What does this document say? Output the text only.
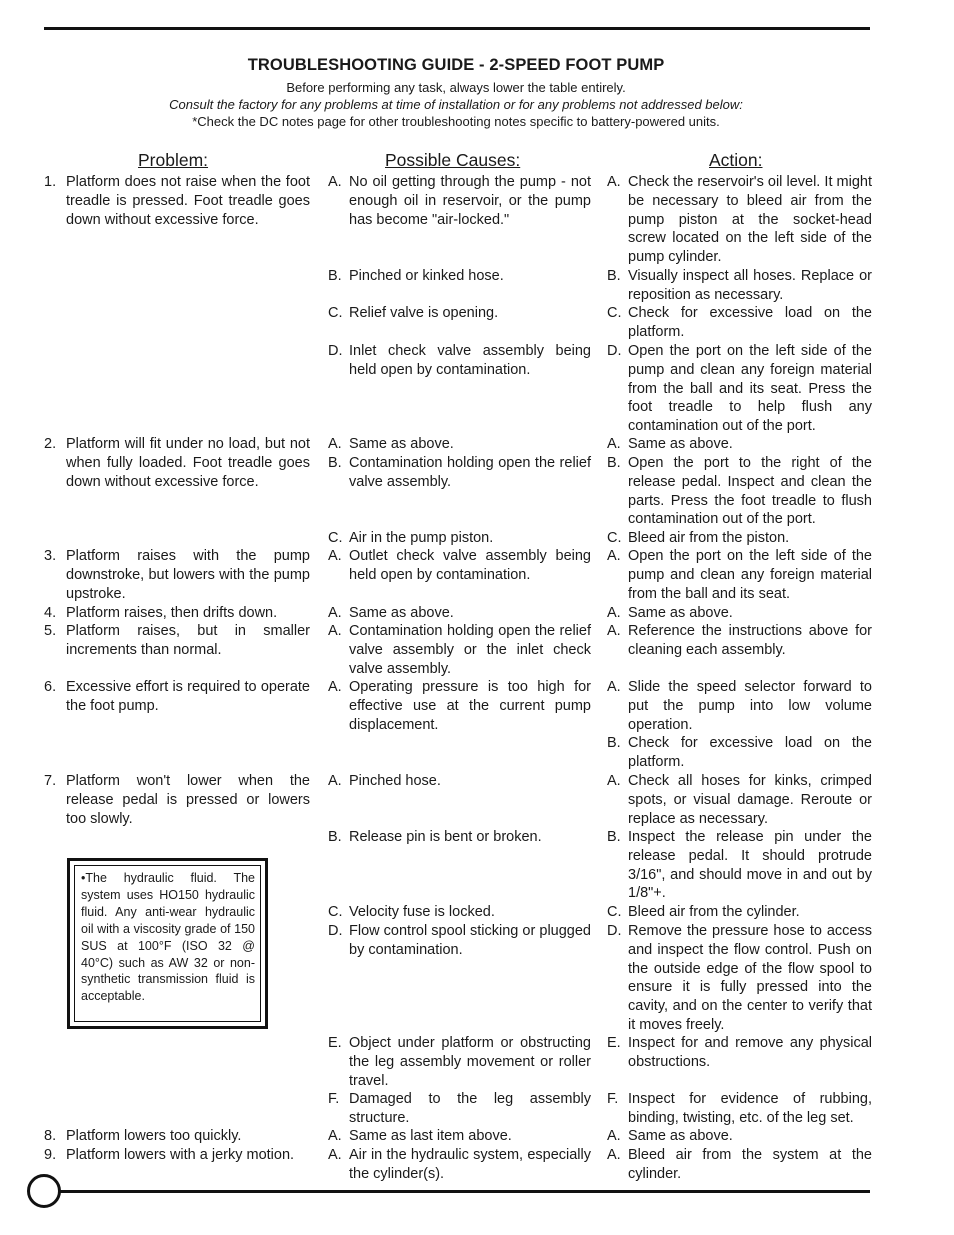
TROUBLESHOOTING GUIDE - 2-SPEED FOOT PUMP
Before performing any task, always lower the table entirely.
Consult the factory for any problems at time of installation or for any problems not addressed below:
*Check the DC notes page for other troubleshooting notes specific to battery-powered units.
Problem:	Possible Causes:	Action:
1. Platform does not raise when the foot treadle is pressed. Foot treadle goes down without excessive force.
2. Platform will fit under no load, but not when fully loaded. Foot treadle goes down without excessive force.
3. Platform raises with the pump downstroke, but lowers with the pump upstroke.
4. Platform raises, then drifts down.
5. Platform raises, but in smaller increments than normal.
6. Excessive effort is required to operate the foot pump.
7. Platform won't lower when the release pedal is pressed or lowers too slowly.
8. Platform lowers too quickly.
9. Platform lowers with a jerky motion.
A. No oil getting through the pump - not enough oil in reservoir, or the pump has become "air-locked."
B. Pinched or kinked hose.
C. Relief valve is opening.
D. Inlet check valve assembly being held open by contamination.
A. Same as above.
B. Contamination holding open the relief valve assembly.
C. Air in the pump piston.
A. Outlet check valve assembly being held open by contamination.
A. Same as above.
A. Contamination holding open the relief valve assembly or the inlet check valve assembly.
A. Operating pressure is too high for effective use at the current pump displacement.
A. Pinched hose.
B. Release pin is bent or broken.
C. Velocity fuse is locked.
D. Flow control spool sticking or plugged by contamination.
E. Object under platform or obstructing the leg assembly movement or roller travel.
F. Damaged to the leg assembly structure.
A. Same as last item above.
A. Air in the hydraulic system, especially the cylinder(s).
A. Check the reservoir's oil level. It might be necessary to bleed air from the pump piston at the socket-head screw located on the left side of the pump cylinder.
B. Visually inspect all hoses. Replace or reposition as necessary.
C. Check for excessive load on the platform.
D. Open the port on the left side of the pump and clean any foreign material from the ball and its seat. Press the foot treadle to help flush any contamination out of the port.
A. Same as above.
B. Open the port to the right of the release pedal. Inspect and clean the parts. Press the foot treadle to flush contamination out of the port.
C. Bleed air from the piston.
A. Open the port on the left side of the pump and clean any foreign material from the ball and its seat.
A. Same as above.
A. Reference the instructions above for cleaning each assembly.
A. Slide the speed selector forward to put the pump into low volume operation.
B. Check for excessive load on the platform.
A. Check all hoses for kinks, crimped spots, or visual damage. Reroute or replace as necessary.
B. Inspect the release pin under the release pedal. It should protrude 3/16", and should move in and out by 1/8"+.
C. Bleed air from the cylinder.
D. Remove the pressure hose to access and inspect the flow control. Push on the outside edge of the flow spool to ensure it is fully pressed into the cavity, and on the center to verify that it moves freely.
E. Inspect for and remove any physical obstructions.
F. Inspect for evidence of rubbing, binding, twisting, etc. of the leg set.
A. Same as above.
A. Bleed air from the system at the cylinder.
•The hydraulic fluid. The system uses HO150 hydraulic fluid. Any anti-wear hydraulic oil with a viscosity grade of 150 SUS at 100°F (ISO 32 @ 40°C) such as AW 32 or non-synthetic transmission fluid is acceptable.
